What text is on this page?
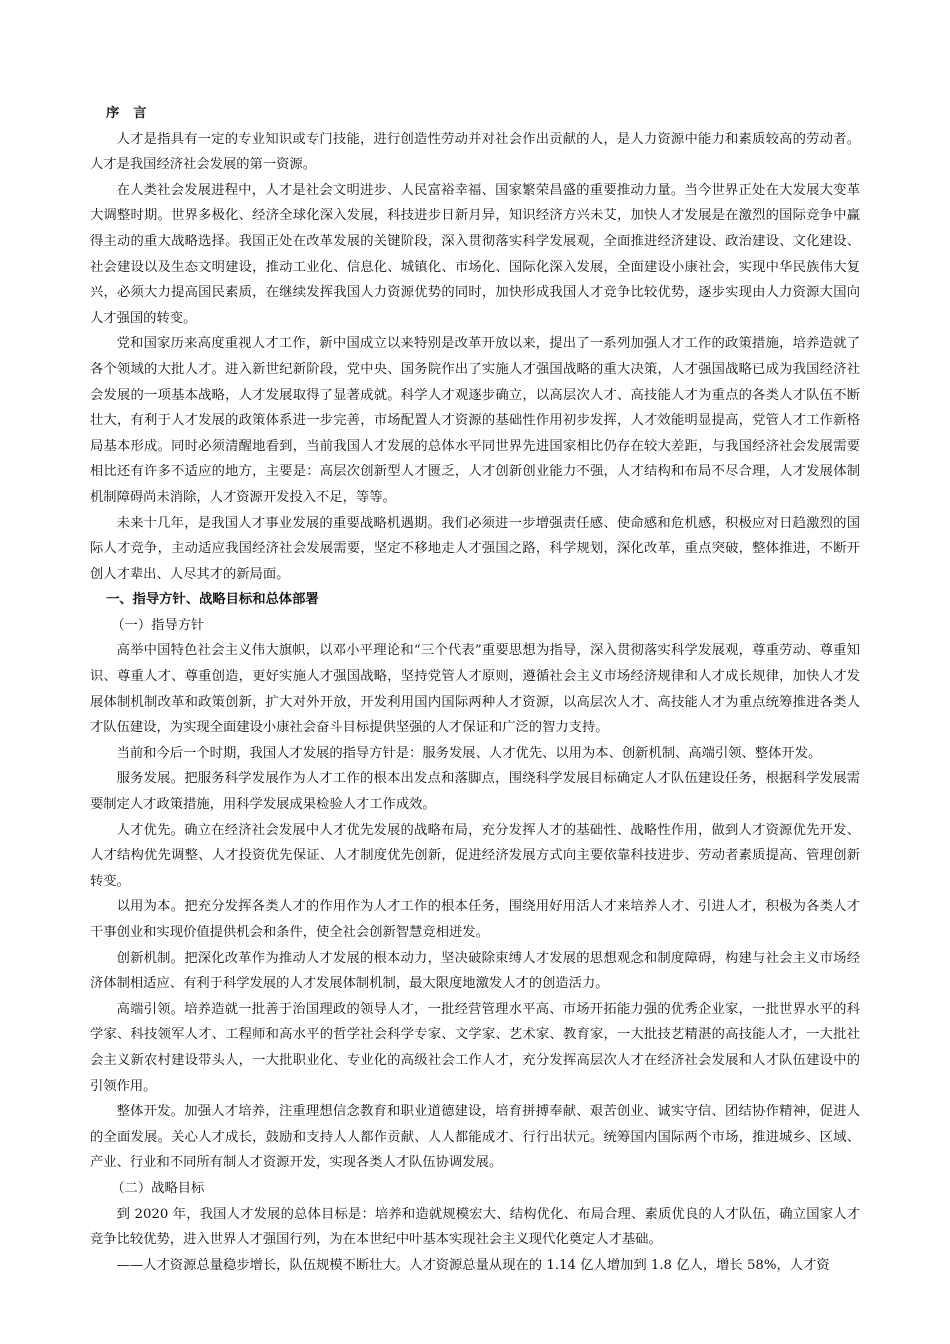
序 言

人才是指具有一定的专业知识或专门技能，进行创造性劳动并对社会作出贡献的人，是人力资源中能力和素质较高的劳动者。人才是我国经济社会发展的第一资源。

在人类社会发展进程中，人才是社会文明进步、人民富裕幸福、国家繁荣昌盛的重要推动力量。当今世界正处在大发展大变革大调整时期。世界多极化、经济全球化深入发展，科技进步日新月异，知识经济方兴未艾，加快人才发展是在激烈的国际竞争中赢得主动的重大战略选择。我国正处在改革发展的关键阶段，深入贯彻落实科学发展观，全面推进经济建设、政治建设、文化建设、社会建设以及生态文明建设，推动工业化、信息化、城镇化、市场化、国际化深入发展，全面建设小康社会，实现中华民族伟大复兴，必须大力提高国民素质，在继续发挥我国人力资源优势的同时，加快形成我国人才竞争比较优势，逐步实现由人力资源大国向人才强国的转变。

党和国家历来高度重视人才工作，新中国成立以来特别是改革开放以来，提出了一系列加强人才工作的政策措施，培养造就了各个领域的大批人才。进入新世纪新阶段，党中央、国务院作出了实施人才强国战略的重大决策，人才强国战略已成为我国经济社会发展的一项基本战略，人才发展取得了显著成就。科学人才观逐步确立，以高层次人才、高技能人才为重点的各类人才队伍不断壮大，有利于人才发展的政策体系进一步完善，市场配置人才资源的基础性作用初步发挥，人才效能明显提高，党管人才工作新格局基本形成。同时必须清醒地看到，当前我国人才发展的总体水平同世界先进国家相比仍存在较大差距，与我国经济社会发展需要相比还有许多不适应的地方，主要是：高层次创新型人才匮乏，人才创新创业能力不强，人才结构和布局不尽合理，人才发展体制机制障碍尚未消除，人才资源开发投入不足，等等。

未来十几年，是我国人才事业发展的重要战略机遇期。我们必须进一步增强责任感、使命感和危机感，积极应对日趋激烈的国际人才竞争，主动适应我国经济社会发展需要，坚定不移地走人才强国之路，科学规划，深化改革，重点突破，整体推进，不断开创人才辈出、人尽其才的新局面。

一、指导方针、战略目标和总体部署

（一）指导方针

高举中国特色社会主义伟大旗帜，以邓小平理论和“三个代表”重要思想为指导，深入贯彻落实科学发展观，尊重劳动、尊重知识、尊重人才、尊重创造，更好实施人才强国战略，坚持党管人才原则，遵循社会主义市场经济规律和人才成长规律，加快人才发展体制机制改革和政策创新，扩大对外开放，开发利用国内国际两种人才资源，以高层次人才、高技能人才为重点统筹推进各类人才队伍建设，为实现全面建设小康社会奋斗目标提供坚强的人才保证和广泛的智力支持。

当前和今后一个时期，我国人才发展的指导方针是：服务发展、人才优先、以用为本、创新机制、高端引领、整体开发。

服务发展。把服务科学发展作为人才工作的根本出发点和落脚点，围绕科学发展目标确定人才队伍建设任务，根据科学发展需要制定人才政策措施，用科学发展成果检验人才工作成效。

人才优先。确立在经济社会发展中人才优先发展的战略布局，充分发挥人才的基础性、战略性作用，做到人才资源优先开发、人才结构优先调整、人才投资优先保证、人才制度优先创新，促进经济发展方式向主要依靠科技进步、劳动者素质提高、管理创新转变。

以用为本。把充分发挥各类人才的作用作为人才工作的根本任务，围绕用好用活人才来培养人才、引进人才，积极为各类人才干事创业和实现价值提供机会和条件，使全社会创新智慧竞相迸发。

创新机制。把深化改革作为推动人才发展的根本动力，坚决破除束缚人才发展的思想观念和制度障碍，构建与社会主义市场经济体制相适应、有利于科学发展的人才发展体制机制，最大限度地激发人才的创造活力。

高端引领。培养造就一批善于治国理政的领导人才，一批经营管理水平高、市场开拓能力强的优秀企业家，一批世界水平的科学家、科技领军人才、工程师和高水平的哲学社会科学专家、文学家、艺术家、教育家，一大批技艺精湛的高技能人才，一大批社会主义新农村建设带头人，一大批职业化、专业化的高级社会工作人才，充分发挥高层次人才在经济社会发展和人才队伍建设中的引领作用。

整体开发。加强人才培养，注重理想信念教育和职业道德建设，培育拼搏奉献、艰苦创业、诚实守信、团结协作精神，促进人的全面发展。关心人才成长，鼓励和支持人人都作贡献、人人都能成才、行行出状元。统筹国内国际两个市场，推进城乡、区域、产业、行业和不同所有制人才资源开发，实现各类人才队伍协调发展。

（二）战略目标

到 2020 年，我国人才发展的总体目标是：培养和造就规模宏大、结构优化、布局合理、素质优良的人才队伍，确立国家人才竞争比较优势，进入世界人才强国行列，为在本世纪中叶基本实现社会主义现代化奠定人才基础。

——人才资源总量稳步增长，队伍规模不断壮大。人才资源总量从现在的 1.14 亿人增加到 1.8 亿人，增长 58%，人才资
